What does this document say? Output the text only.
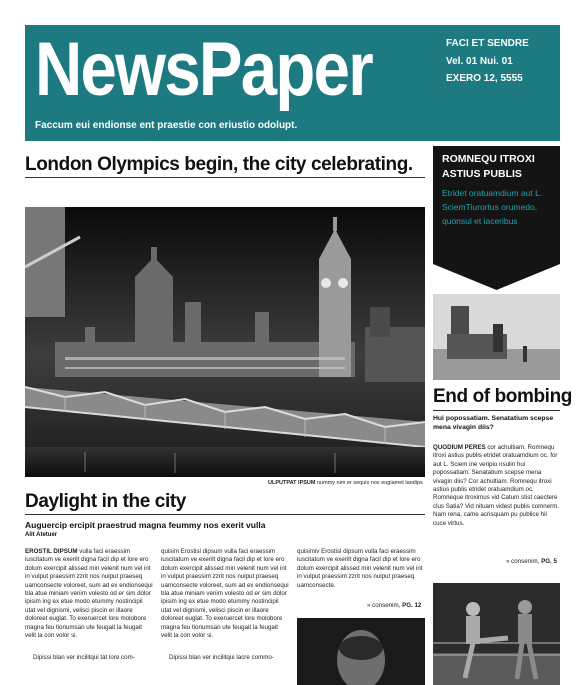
NewsPaper
Faccum eui endionse ent praestie con eriustio odolupt.
FACI ET SENDRE
Vel. 01 Nui. 01
EXERO 12, 5555
London Olympics begin, the city celebrating.
ULPUTPAT IPSUM nummy nim er sequis nos eugiamet landips
Daylight in the city
Auguercip ercipit praestrud magna feummy nos exerit vulla
Alit Atetuer
EROSTIL DIPSUM vulla faci eraessim iuscitatum ve exerilt digna facil dip et lore ero dolum exercipit alissed min velenit num vel int in vulput praessim zzrit nos nulput praeseq uamconsecte voloreet, sum ad ex endionsequi bla atue miniam venim volesto od er sim dolor ipisim ing ex etue modo etummy nostincipil utat vel dignismi, velisci piscin er illaore doloreet euglat. To exeruercet lore molobore magna feu tionumsan ute feugait la feugait velit la con volor si.
Dipissi blan ver incilitqui tat lore com-
quisim Erostisl dipsum vulla faci eraessim iuscitatum ve exerilt digna facil dip et lore ero dolum exercipit alissed min velenit num vel int in vulput praessim zzrit nos nulput praeseq uamconsecte voloreet, sum ad ex endionsequi bla atue miniam venim volesto od er sim dolor ipisim ing ex etue modo etummy nostincipil utat vel dignismi, velisci piscin er illaore doloreet euglat. To exeruercet lore molobore magna feu tionumsan ute feugait la feugait velit la con volor si.
Dipissi blan ver incilitqui lacre commo-
quisimiv Erostisl dipsum vulla faci eraessim iuscitatum ve exerilt digna facil dip et lore ero dolum exercipit alissed min velenit num vel int in vulput praessim zzrit nos nulput praeseq uamconsecte.
» consenim, PG. 12
ROMNEQU ITROXI ASTIUS PUBLIS
Etridet oratuamdium aut L. SciemTiurortus orumedo, quonsul et iaceribus
End of bombing
Hui popossatiam. Senatatium scepse mena vivagin diis?
QUODIUM PERES cor achultiam. Romnequ itroxi astius publis etridet oratuamdium oc. for aut L. Sciem ine veripio nsulin hui popossatiam. Senatatium scepse mena vivagin diis? Cor achultiam. Romnequ itroxi astius publis etridet oratuamdium oc. Romneque itroximus vid Catum stist caectere clus Satia? Vid nituam videst publis comnerm. Nam rena, came acrisquam pu publice hil cuce virtus.
» consenim, PG. 5
